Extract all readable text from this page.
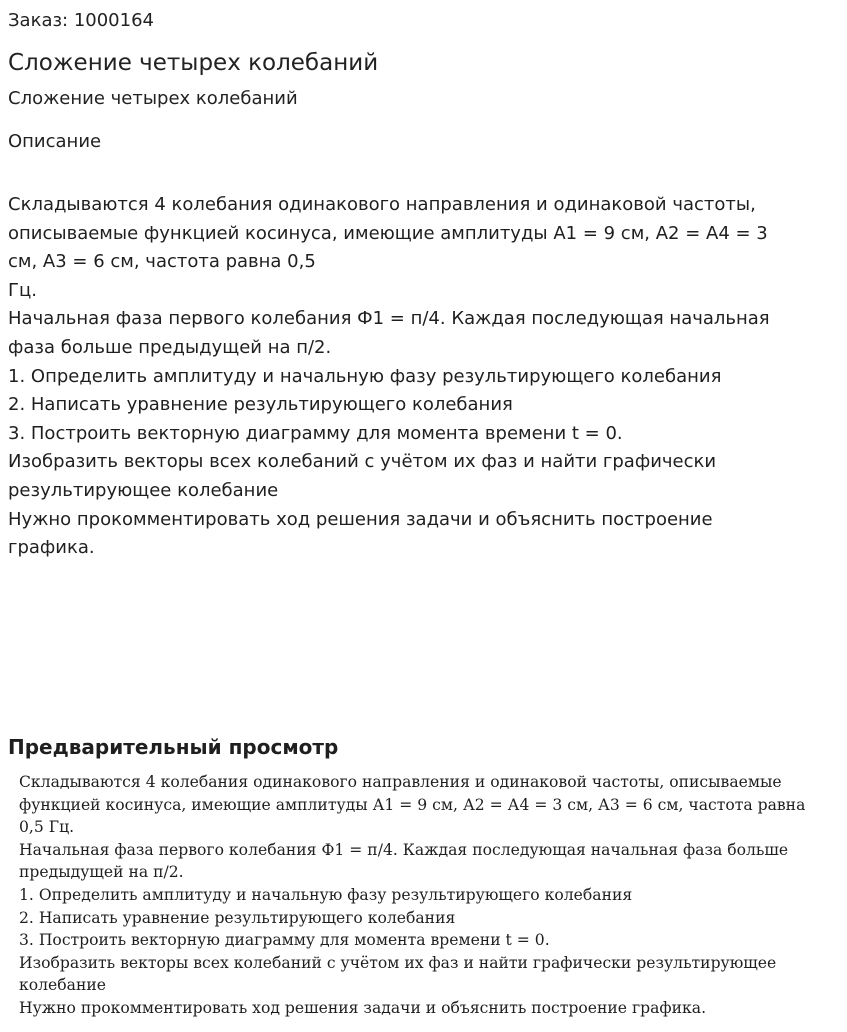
Заказ: 1000164
Сложение четырех колебаний
Сложение четырех колебаний
Описание
Складываются 4 колебания одинакового направления и одинаковой частоты,
описываемые функцией косинуса, имеющие амплитуды А1 = 9 см, А2 = А4 = 3
см, А3 = 6 см, частота равна 0,5
Гц.
Начальная фаза первого колебания Ф1 = п/4. Каждая последующая начальная
фаза больше предыдущей на п/2.
1. Определить амплитуду и начальную фазу результирующего колебания
2. Написать уравнение результирующего колебания
3. Построить векторную диаграмму для момента времени t = 0.
Изобразить векторы всех колебаний с учётом их фаз и найти графически
результирующее колебание
Нужно прокомментировать ход решения задачи и объяснить построение
графика.
Предварительный просмотр
Складываются 4 колебания одинакового направления и одинаковой частоты, описываемые
функцией косинуса, имеющие амплитуды А1 = 9 см, А2 = А4 = 3 см, А3 = 6 см, частота равна
0,5 Гц.
Начальная фаза первого колебания Ф1 = п/4. Каждая последующая начальная фаза больше
предыдущей на п/2.
1. Определить амплитуду и начальную фазу результирующего колебания
2. Написать уравнение результирующего колебания
3. Построить векторную диаграмму для момента времени t = 0.
Изобразить векторы всех колебаний с учётом их фаз и найти графически результирующее
колебание
Нужно прокомментировать ход решения задачи и объяснить построение графика.
